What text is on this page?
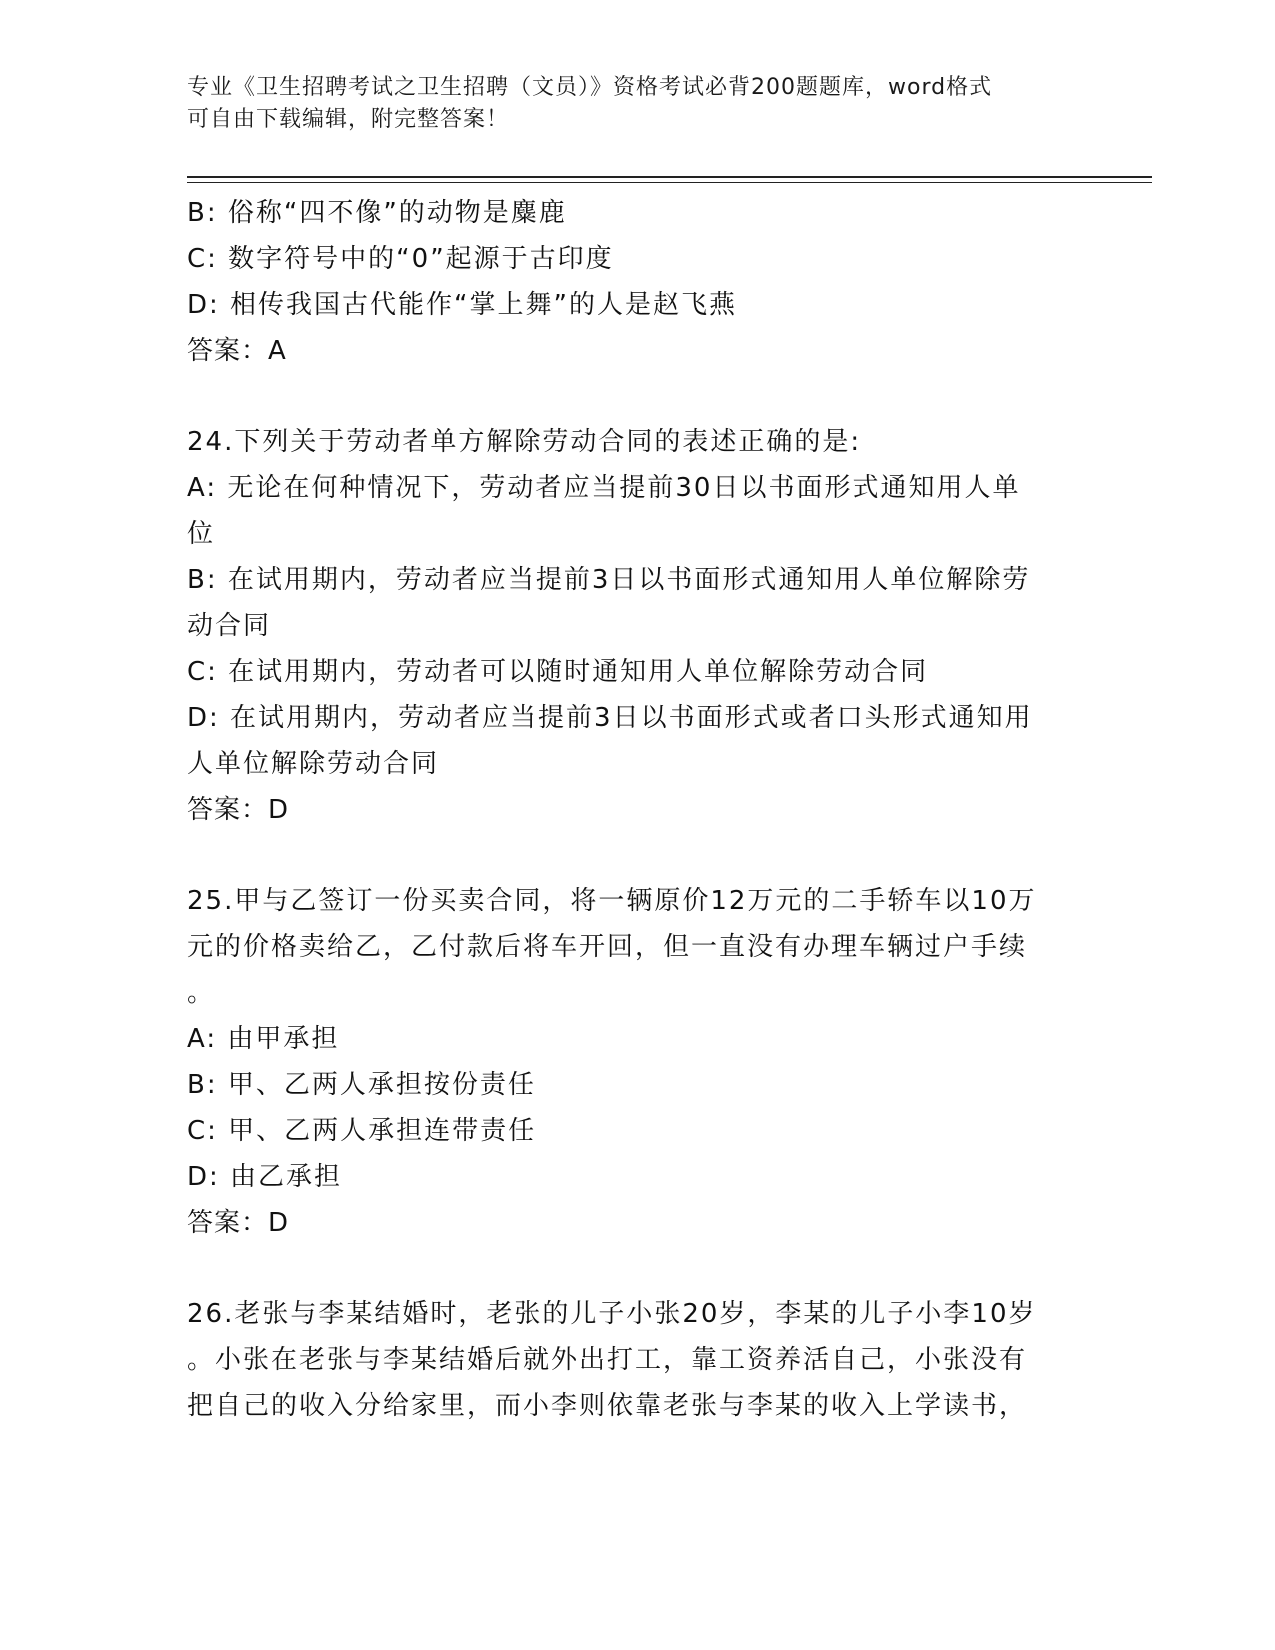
专业《卫生招聘考试之卫生招聘（文员）》资格考试必背200题题库，word格式
可自由下载编辑，附完整答案！
B: 俗称“四不像”的动物是麋鹿
C: 数字符号中的“0”起源于古印度
D: 相传我国古代能作“掌上舞”的人是赵飞燕
答案：A
24.下列关于劳动者单方解除劳动合同的表述正确的是:
A: 无论在何种情况下，劳动者应当提前30日以书面形式通知用人单
位
B: 在试用期内，劳动者应当提前3日以书面形式通知用人单位解除劳
动合同
C: 在试用期内，劳动者可以随时通知用人单位解除劳动合同
D: 在试用期内，劳动者应当提前3日以书面形式或者口头形式通知用
人单位解除劳动合同
答案：D
25.甲与乙签订一份买卖合同，将一辆原价12万元的二手轿车以10万
元的价格卖给乙，乙付款后将车开回，但一直没有办理车辆过户手续
。
A: 由甲承担
B: 甲、乙两人承担按份责任
C: 甲、乙两人承担连带责任
D: 由乙承担
答案：D
26.老张与李某结婚时，老张的儿子小张20岁，李某的儿子小李10岁
。小张在老张与李某结婚后就外出打工，靠工资养活自己，小张没有
把自己的收入分给家里，而小李则依靠老张与李某的收入上学读书，
